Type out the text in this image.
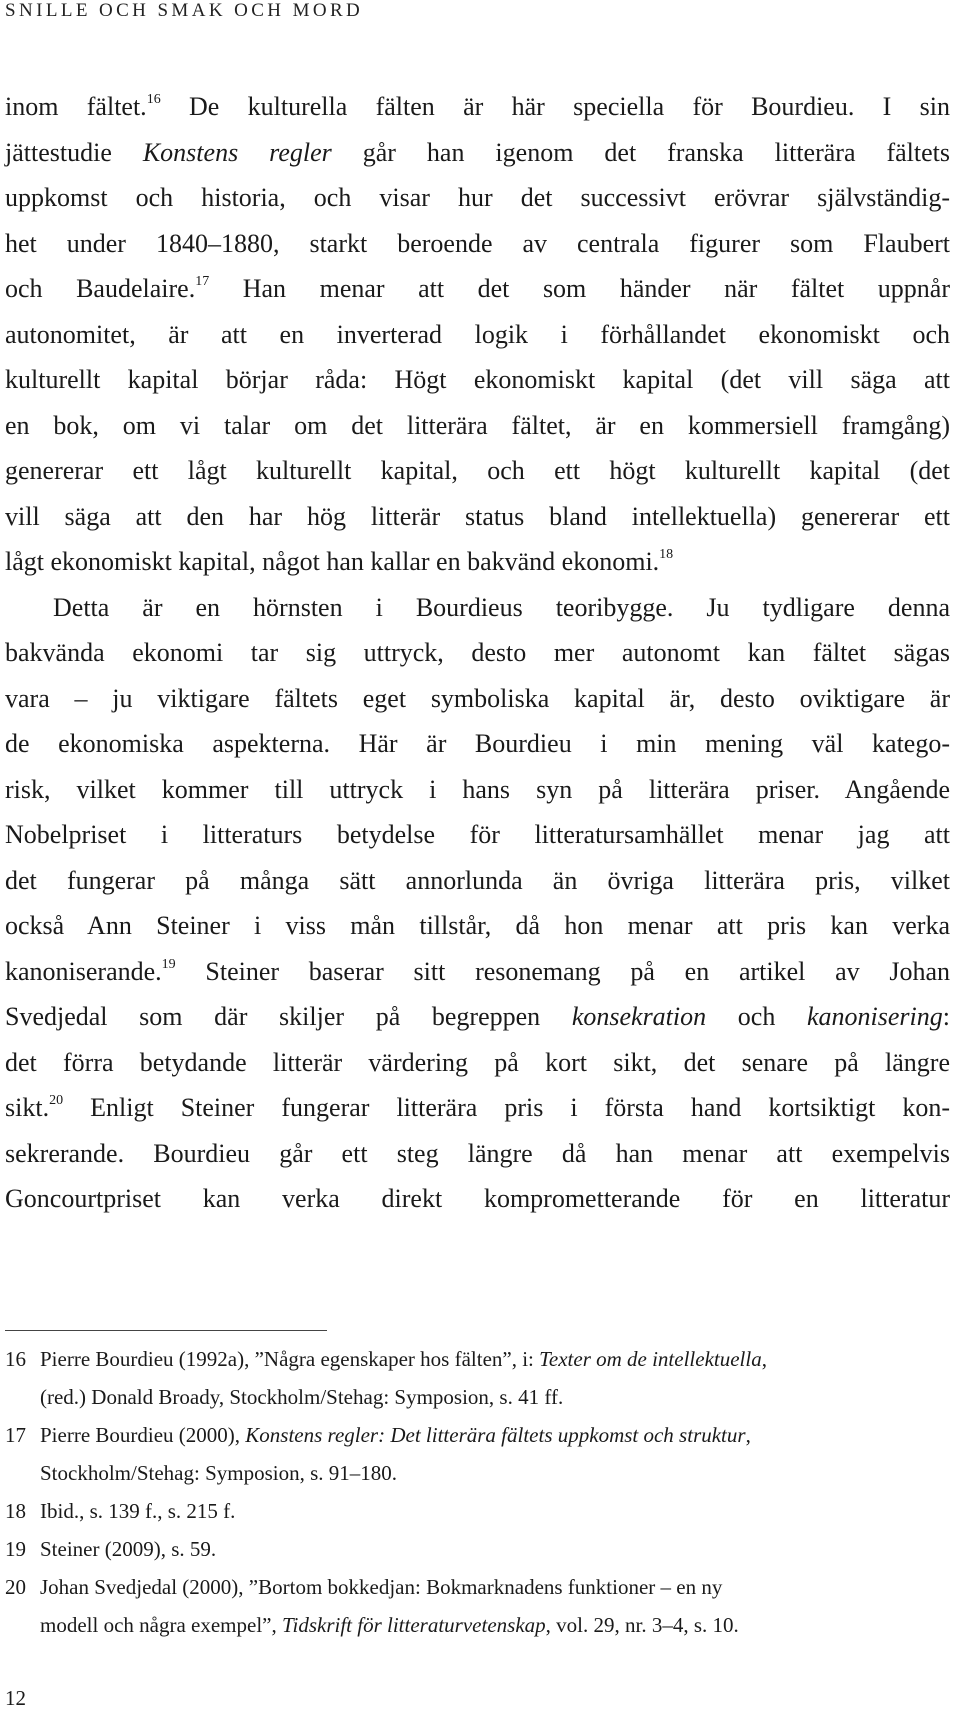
SNILLE OCH SMAK OCH MORD
inom fältet.$^{16}$ De kulturella fälten är här speciella för Bourdieu. I sin
jättestudie Konstens regler går han igenom det franska litterära fältets
uppkomst och historia, och visar hur det successivt erövrar självständig-
het under 1840–1880, starkt beroende av centrala figurer som Flaubert
och Baudelaire.$^{17}$ Han menar att det som händer när fältet uppnår
autonomitet, är att en inverterad logik i förhållandet ekonomiskt och
kulturellt kapital börjar råda: Högt ekonomiskt kapital (det vill säga att
en bok, om vi talar om det litterära fältet, är en kommersiell framgång)
genererar ett lågt kulturellt kapital, och ett högt kulturellt kapital (det
vill säga att den har hög litterär status bland intellektuella) genererar ett
lågt ekonomiskt kapital, något han kallar en bakvänd ekonomi.$^{18}$
Detta är en hörnsten i Bourdieus teoribygge. Ju tydligare denna
bakvända ekonomi tar sig uttryck, desto mer autonomt kan fältet sägas
vara – ju viktigare fältets eget symboliska kapital är, desto oviktigare är
de ekonomiska aspekterna. Här är Bourdieu i min mening väl katego-
risk, vilket kommer till uttryck i hans syn på litterära priser. Angående
Nobelpriset i litteraturs betydelse för litteratursamhället menar jag att
det fungerar på många sätt annorlunda än övriga litterära pris, vilket
också Ann Steiner i viss mån tillstår, då hon menar att pris kan verka
kanoniserande.$^{19}$ Steiner baserar sitt resonemang på en artikel av Johan
Svedjedal som där skiljer på begreppen konsekration och kanonisering:
det förra betydande litterär värdering på kort sikt, det senare på längre
sikt.$^{20}$ Enligt Steiner fungerar litterära pris i första hand kortsiktigt kon-
sekrerande. Bourdieu går ett steg längre då han menar att exempelvis
Goncourtpriset kan verka direkt komprometterande för en litteratur
16 Pierre Bourdieu (1992a), ”Några egenskaper hos fälten”, i: Texter om de intellektuella,
(red.) Donald Broady, Stockholm/Stehag: Symposion, s. 41 ff.
17 Pierre Bourdieu (2000), Konstens regler: Det litterära fältets uppkomst och struktur,
Stockholm/Stehag: Symposion, s. 91–180.
18 Ibid., s. 139 f., s. 215 f.
19 Steiner (2009), s. 59.
20 Johan Svedjedal (2000), ”Bortom bokkedjan: Bokmarknadens funktioner – en ny
modell och några exempel”, Tidskrift för litteraturvetenskap, vol. 29, nr. 3–4, s. 10.
12
